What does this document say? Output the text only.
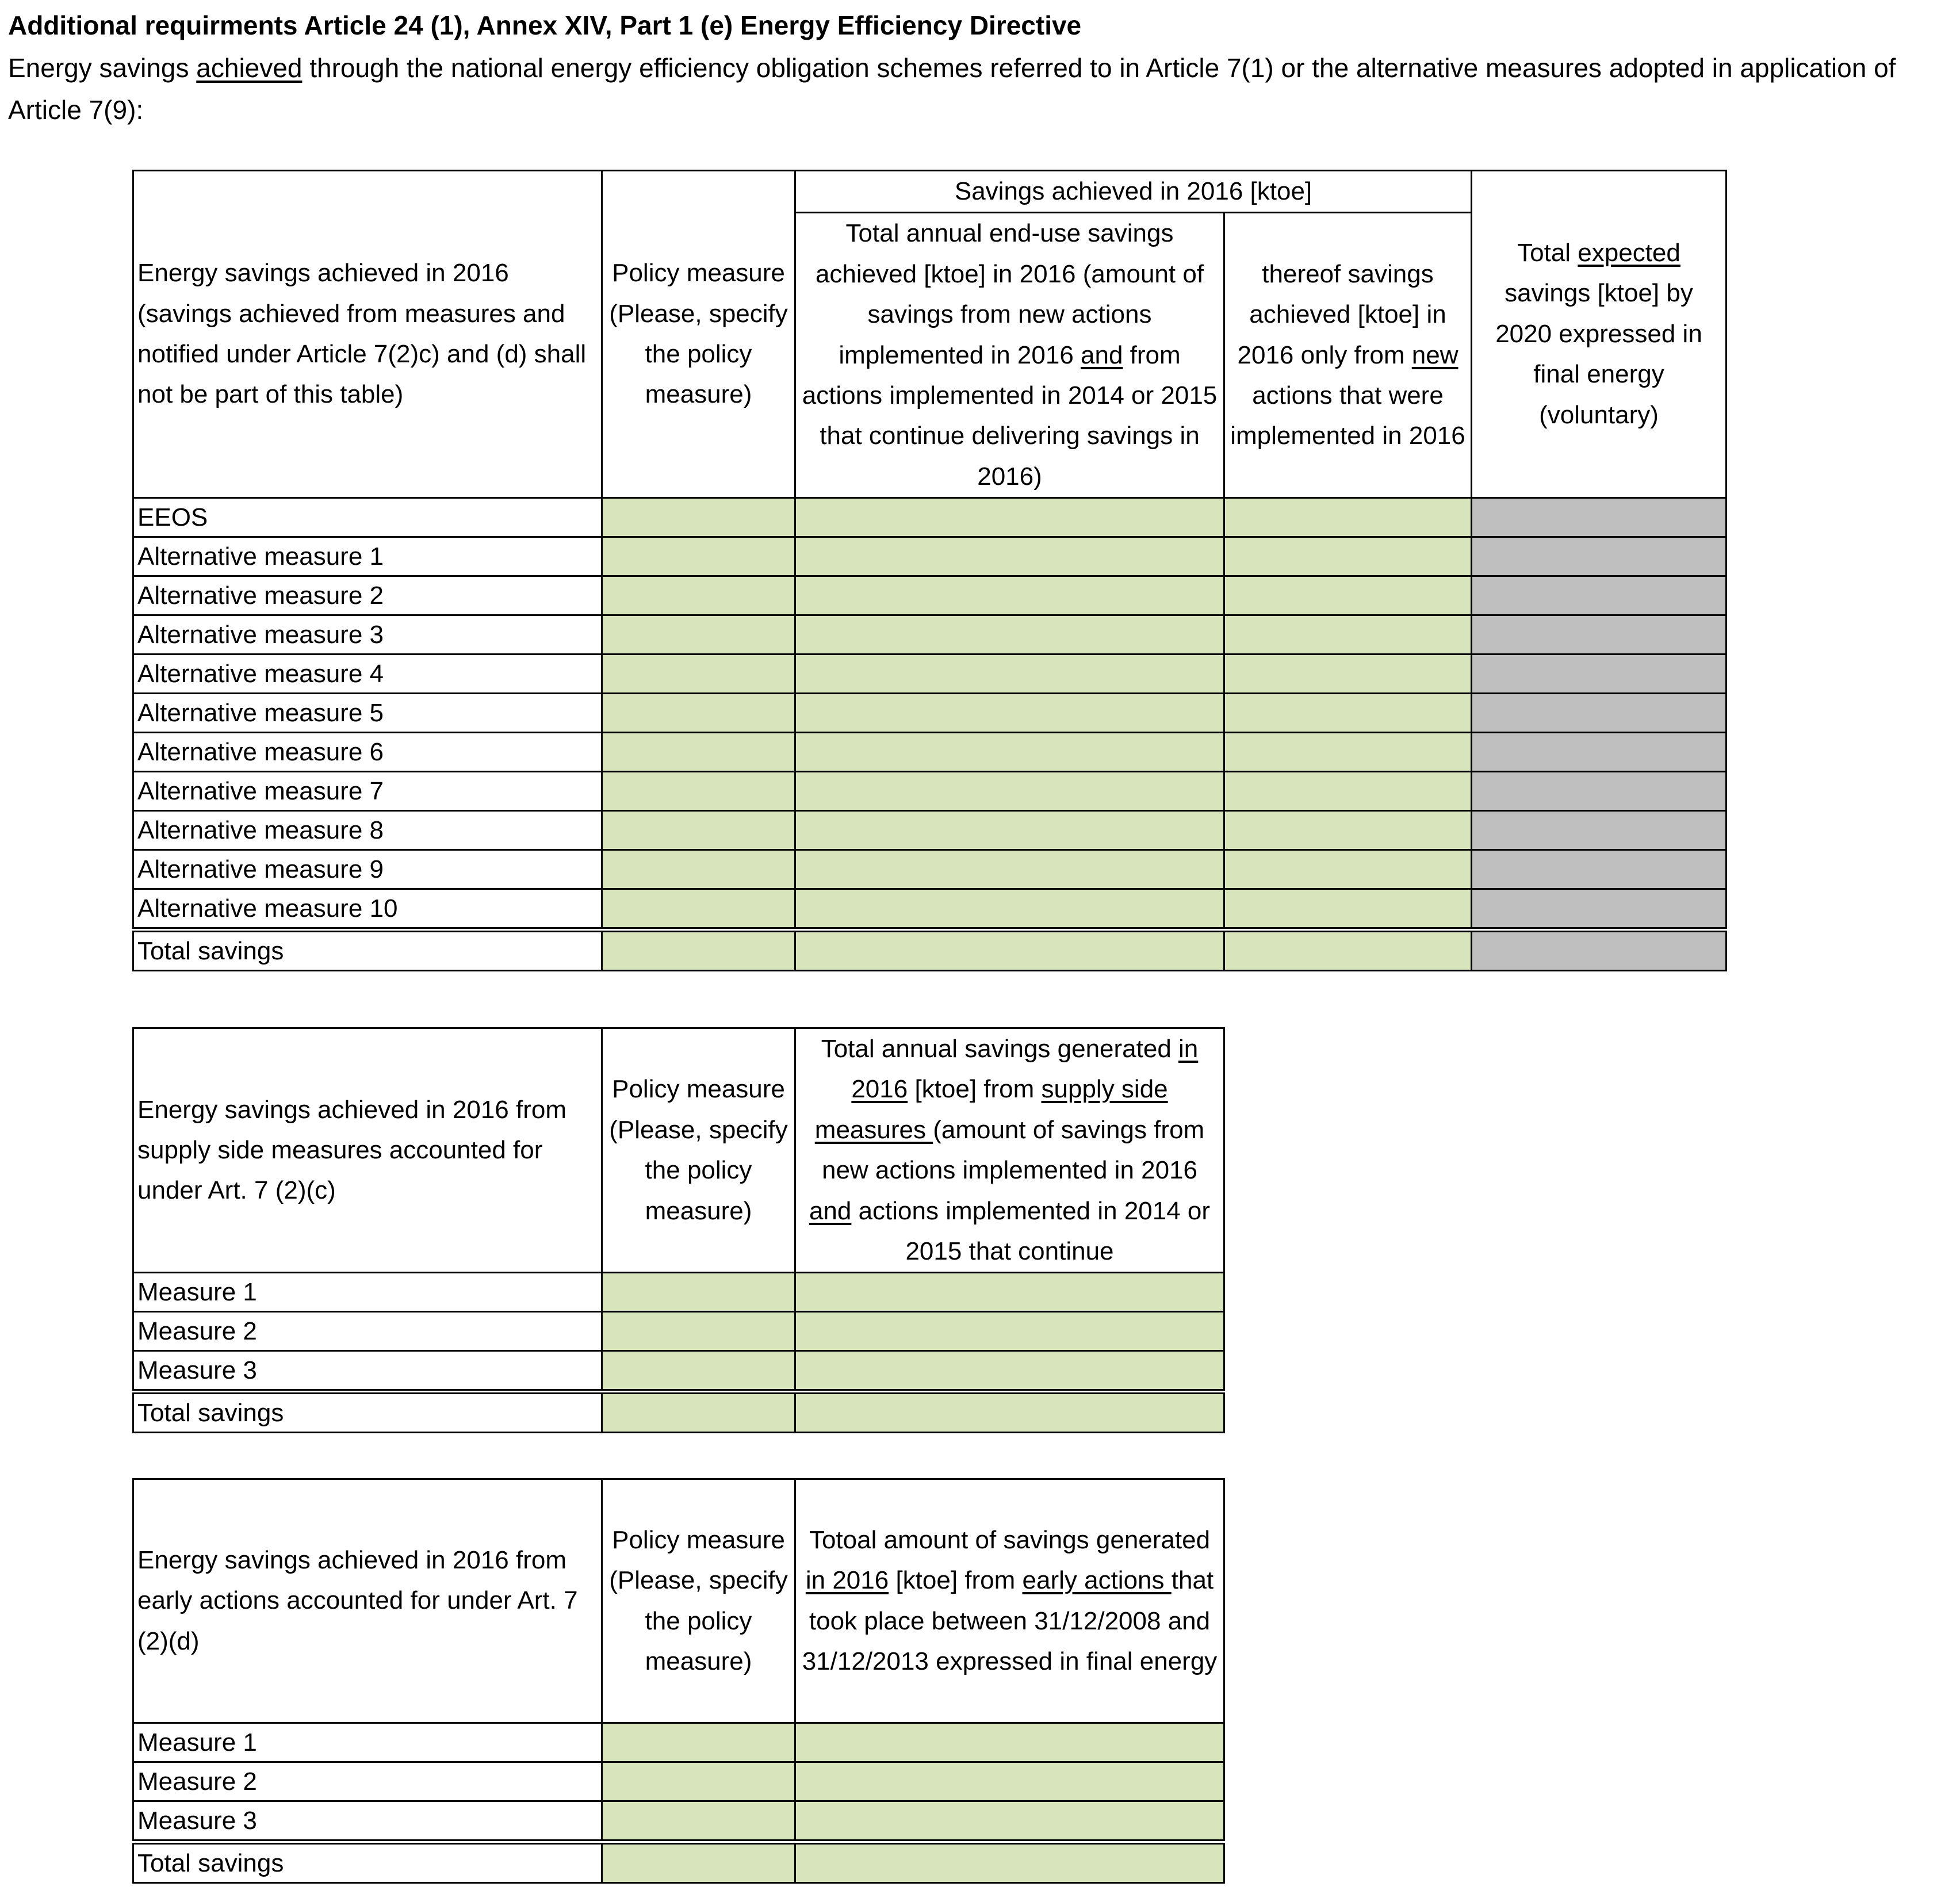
Additional requirments Article 24 (1), Annex XIV, Part 1 (e) Energy Efficiency Directive
Energy savings achieved through the national energy efficiency obligation schemes referred to in Article 7(1) or the alternative measures adopted in application of Article 7(9):
Energy savings achieved in 2016 (savings achieved from measures and notified under Article 7(2)c) and (d) shall not be part of this table)	Policy measure (Please, specify the policy measure)	Savings achieved in 2016 [ktoe]		Total expected savings [ktoe] by 2020 expressed in final energy (voluntary)
		Total annual end-use savings achieved [ktoe] in 2016 (amount of savings from new actions implemented in 2016 and from actions implemented in 2014 or 2015 that continue delivering savings in 2016)	thereof savings achieved [ktoe] in 2016 only from new actions that were implemented in 2016	
EEOS				
Alternative measure 1				
Alternative measure 2				
Alternative measure 3				
Alternative measure 4				
Alternative measure 5				
Alternative measure 6				
Alternative measure 7				
Alternative measure 8				
Alternative measure 9				
Alternative measure 10				
Total savings				
Energy savings achieved in 2016 from supply side measures accounted for under Art. 7 (2)(c)	Policy measure (Please, specify the policy measure)	Total annual savings generated in 2016 [ktoe] from supply side measures (amount of savings from new actions implemented in 2016 and actions implemented in 2014 or 2015 that continue
Measure 1		
Measure 2		
Measure 3		
Total savings		
Energy savings achieved in 2016 from early actions accounted for under Art. 7 (2)(d)	Policy measure (Please, specify the policy measure)	Totoal amount of savings generated in 2016 [ktoe] from early actions that took place between 31/12/2008 and 31/12/2013 expressed in final energy
Measure 1		
Measure 2		
Measure 3		
Total savings		
